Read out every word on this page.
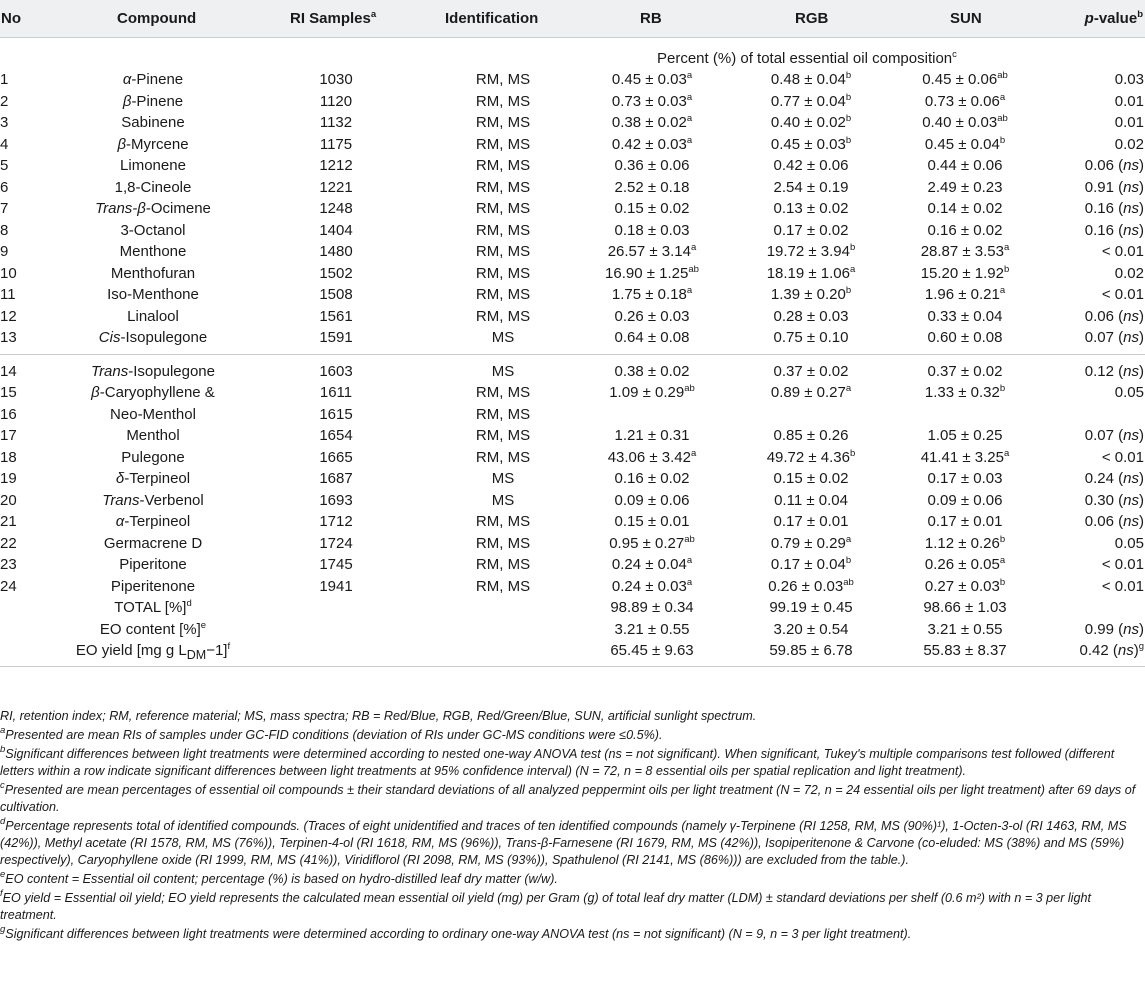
No	Compound	RI Samples$^a$	Identification	RB	RGB	SUN	p-value$^b$
Percent (%) of total essential oil composition$^c$
1	α-Pinene	1030	RM, MS	0.45 ± 0.03$^a$	0.48 ± 0.04$^b$	0.45 ± 0.06$^{ab}$	0.03
2	β-Pinene	1120	RM, MS	0.73 ± 0.03$^a$	0.77 ± 0.04$^b$	0.73 ± 0.06$^a$	0.01
3	Sabinene	1132	RM, MS	0.38 ± 0.02$^a$	0.40 ± 0.02$^b$	0.40 ± 0.03$^{ab}$	0.01
4	β-Myrcene	1175	RM, MS	0.42 ± 0.03$^a$	0.45 ± 0.03$^b$	0.45 ± 0.04$^b$	0.02
5	Limonene	1212	RM, MS	0.36 ± 0.06	0.42 ± 0.06	0.44 ± 0.06	0.06 (ns)
6	1,8-Cineole	1221	RM, MS	2.52 ± 0.18	2.54 ± 0.19	2.49 ± 0.23	0.91 (ns)
7	Trans-β-Ocimene	1248	RM, MS	0.15 ± 0.02	0.13 ± 0.02	0.14 ± 0.02	0.16 (ns)
8	3-Octanol	1404	RM, MS	0.18 ± 0.03	0.17 ± 0.02	0.16 ± 0.02	0.16 (ns)
9	Menthone	1480	RM, MS	26.57 ± 3.14$^a$	19.72 ± 3.94$^b$	28.87 ± 3.53$^a$	< 0.01
10	Menthofuran	1502	RM, MS	16.90 ± 1.25$^{ab}$	18.19 ± 1.06$^a$	15.20 ± 1.92$^b$	0.02
11	Iso-Menthone	1508	RM, MS	1.75 ± 0.18$^a$	1.39 ± 0.20$^b$	1.96 ± 0.21$^a$	< 0.01
12	Linalool	1561	RM, MS	0.26 ± 0.03	0.28 ± 0.03	0.33 ± 0.04	0.06 (ns)
13	Cis-Isopulegone	1591	MS	0.64 ± 0.08	0.75 ± 0.10	0.60 ± 0.08	0.07 (ns)
14	Trans-Isopulegone	1603	MS	0.38 ± 0.02	0.37 ± 0.02	0.37 ± 0.02	0.12 (ns)
15	β-Caryophyllene &	1611	RM, MS	1.09 ± 0.29$^{ab}$	0.89 ± 0.27$^a$	1.33 ± 0.32$^b$	0.05
16	Neo-Menthol	1615	RM, MS
17	Menthol	1654	RM, MS	1.21 ± 0.31	0.85 ± 0.26	1.05 ± 0.25	0.07 (ns)
18	Pulegone	1665	RM, MS	43.06 ± 3.42$^a$	49.72 ± 4.36$^b$	41.41 ± 3.25$^a$	< 0.01
19	δ-Terpineol	1687	MS	0.16 ± 0.02	0.15 ± 0.02	0.17 ± 0.03	0.24 (ns)
20	Trans-Verbenol	1693	MS	0.09 ± 0.06	0.11 ± 0.04	0.09 ± 0.06	0.30 (ns)
21	α-Terpineol	1712	RM, MS	0.15 ± 0.01	0.17 ± 0.01	0.17 ± 0.01	0.06 (ns)
22	Germacrene D	1724	RM, MS	0.95 ± 0.27$^{ab}$	0.79 ± 0.29$^a$	1.12 ± 0.26$^b$	0.05
23	Piperitone	1745	RM, MS	0.24 ± 0.04$^a$	0.17 ± 0.04$^b$	0.26 ± 0.05$^a$	< 0.01
24	Piperitenone	1941	RM, MS	0.24 ± 0.03$^a$	0.26 ± 0.03$^{ab}$	0.27 ± 0.03$^b$	< 0.01
TOTAL [%]$^d$	98.89 ± 0.34	99.19 ± 0.45	98.66 ± 1.03
EO content [%]$^e$	3.21 ± 0.55	3.20 ± 0.54	3.21 ± 0.55	0.99 (ns)
EO yield [mg g $L_{DM}-1]^f$	65.45 ± 9.63	59.85 ± 6.78	55.83 ± 8.37	0.42 (ns)$^g$

RI, retention index; RM, reference material; MS, mass spectra; RB = Red/Blue, RGB, Red/Green/Blue, SUN, artificial sunlight spectrum.

$^a$Presented are mean RIs of samples under GC-FID conditions (deviation of RIs under GC-MS conditions were ≤0.5%).

$^b$Significant differences between light treatments were determined according to nested one-way ANOVA test (ns = not significant). When significant, Tukey's multiple comparisons test followed (different letters within a row indicate significant differences between light treatments at 95% confidence interval) (N = 72, n = 8 essential oils per spatial replication and light treatment).

$^c$Presented are mean percentages of essential oil compounds ± their standard deviations of all analyzed peppermint oils per light treatment (N = 72, n = 24 essential oils per light treatment) after 69 days of cultivation.

$^d$Percentage represents total of identified compounds. (Traces of eight unidentified and traces of ten identified compounds (namely γ-Terpinene (RI 1258, RM, MS (90%)¹), 1-Octen-3-ol (RI 1463, RM, MS (42%)), Methyl acetate (RI 1578, RM, MS (76%)), Terpinen-4-ol (RI 1618, RM, MS (96%)), Trans-β-Farnesene (RI 1679, RM, MS (42%)), Isopiperitenone & Carvone (co-eluded: MS (38%) and MS (59%) respectively), Caryophyllene oxide (RI 1999, RM, MS (41%)), Viridiflorol (RI 2098, RM, MS (93%)), Spathulenol (RI 2141, MS (86%))) are excluded from the table.).

$^e$EO content = Essential oil content; percentage (%) is based on hydro-distilled leaf dry matter (w/w).

$^f$EO yield = Essential oil yield; EO yield represents the calculated mean essential oil yield (mg) per Gram (g) of total leaf dry matter (LDM) ± standard deviations per shelf (0.6 m²) with n = 3 per light treatment.

$^g$Significant differences between light treatments were determined according to ordinary one-way ANOVA test (ns = not significant) (N = 9, n = 3 per light treatment).
